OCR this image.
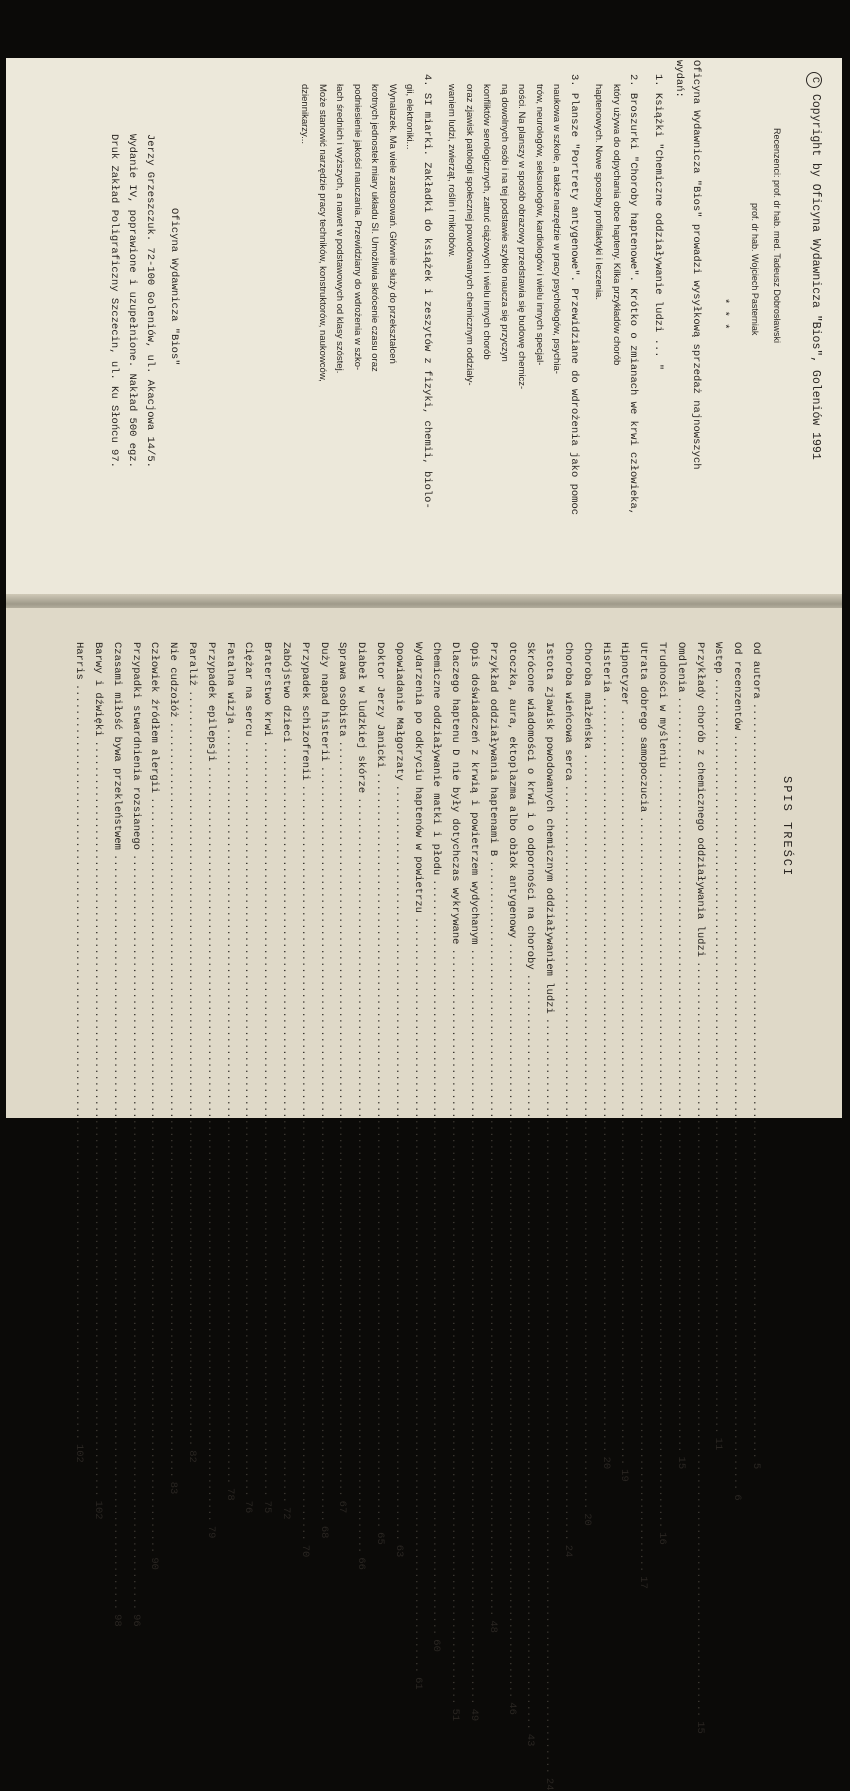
CCopyright by Oficyna Wydawnicza "Bios", Goleniów 1991
Recenzenci: prof. dr hab. med. Tadeusz Dobrosławski
prof. dr hab. Wojciech Pasterniak
* * *
Oficyna Wydawnicza "Bios" prowadzi wysyłkową sprzedaż najnowszych
wydań:
1. Książki "Chemiczne oddziaływanie ludzi ... "
2. Broszurki "Choroby haptenowe". Krótko o zmianach we krwi człowieka,
który używa do odpychania obce hapteny. Kilka przykładów chorób
haptenowych. Nowe sposoby profilaktyki i leczenia.
3. Plansze "Portrety antygenowe". Przewidziane do wdrożenia jako pomoc
naukowa w szkole, a także narzędzie w pracy psychologów, psychia-
trów, neurologów, seksuologów, kardiologów i wielu innych specjal-
ności. Na planszy w sposób obrazowy przedstawia się budowę chemicz-
ną dowolnych osób i na tej podstawie szybko naucza się przyczyn
konfliktów serologicznych, zatruć ciążowych i wielu innych chorób
oraz zjawisk patologii społecznej powodowanych chemicznym oddziały-
waniem ludzi, zwierząt, roślin i mikrobów.
4. SI miarki. Zakładki do książek i zeszytów z fizyki, chemii, biolo-
gii, elektroniki...
Wynalazek. Ma wiele zastosowań. Głównie służy do przekształceń
krotnych jednostek miary układu SI. Umożliwia skrócenie czasu oraz
podniesienie jakości nauczania. Przewidziany do wdrożenia w szko-
łach średnich i wyższych, a nawet w podstawowych od klasy szóstej.
Może stanowić narzędzie pracy techników, konstruktorów, naukowców,
dziennikarzy...
Oficyna Wydawnicza "Bios"
Jerzy Grzeszczuk. 72-100 Goleniów, ul. Akacjowa 14/5.
Wydanie IV, poprawione i uzupełnione. Nakład 500 egz.
Druk Zakład Poligraficzny Szczecin, ul. Ku Słońcu 97.
SPIS TREŚCI
Od autora
........................................................................................................................
5
Od recenzentów
........................................................................................................................
6
Wstęp
........................................................................................................................
11
Przykłady chorób z chemicznego oddziaływania ludzi
........................................................................................................................
15
Omdlenia
........................................................................................................................
15
Trudności w myśleniu
........................................................................................................................
16
Utrata dobrego samopoczucia
........................................................................................................................
17
Hipnotyzer
........................................................................................................................
19
Histeria
........................................................................................................................
20
Choroba małżeńska
........................................................................................................................
20
Choroba wieńcowa serca
........................................................................................................................
24
Istota zjawisk powodowanych chemicznym oddziaływaniem ludzi
........................................................................................................................
24
Skrócone wiadomości o krwi i o odporności na choroby
........................................................................................................................
43
Otoczka, aura, ektoplazma albo obłok antygenowy
........................................................................................................................
46
Przykład oddziaływania haptenami B
........................................................................................................................
48
Opis doświadczeń z krwią i powietrzem wydychanym
........................................................................................................................
49
Dlaczego haptenu D nie były dotychczas wykrywane
........................................................................................................................
51
Chemiczne oddziaływanie matki i płodu
........................................................................................................................
60
Wydarzenia po odkryciu haptenów w powietrzu
........................................................................................................................
61
Opowiadanie Małgorzaty
........................................................................................................................
63
Doktor Jerzy Janicki
........................................................................................................................
65
Diabeł w ludzkiej skórze
........................................................................................................................
66
Sprawa osobista
........................................................................................................................
67
Duży napad histerii
........................................................................................................................
68
Przypadek schizofrenii
........................................................................................................................
70
Zabójstwo dzieci
........................................................................................................................
72
Braterstwo krwi
........................................................................................................................
75
Ciężar na sercu
........................................................................................................................
76
Fatalna wizja
........................................................................................................................
78
Przypadek epilepsji
........................................................................................................................
79
Paraliż
........................................................................................................................
82
Nie cudzołóż
........................................................................................................................
83
Człowiek źródłem alergii
........................................................................................................................
90
Przypadki stwardnienia rozsianego
........................................................................................................................
96
Czasami miłość bywa przekleństwem
........................................................................................................................
98
Barwy i dźwięki
........................................................................................................................
102
Harris
........................................................................................................................
102
